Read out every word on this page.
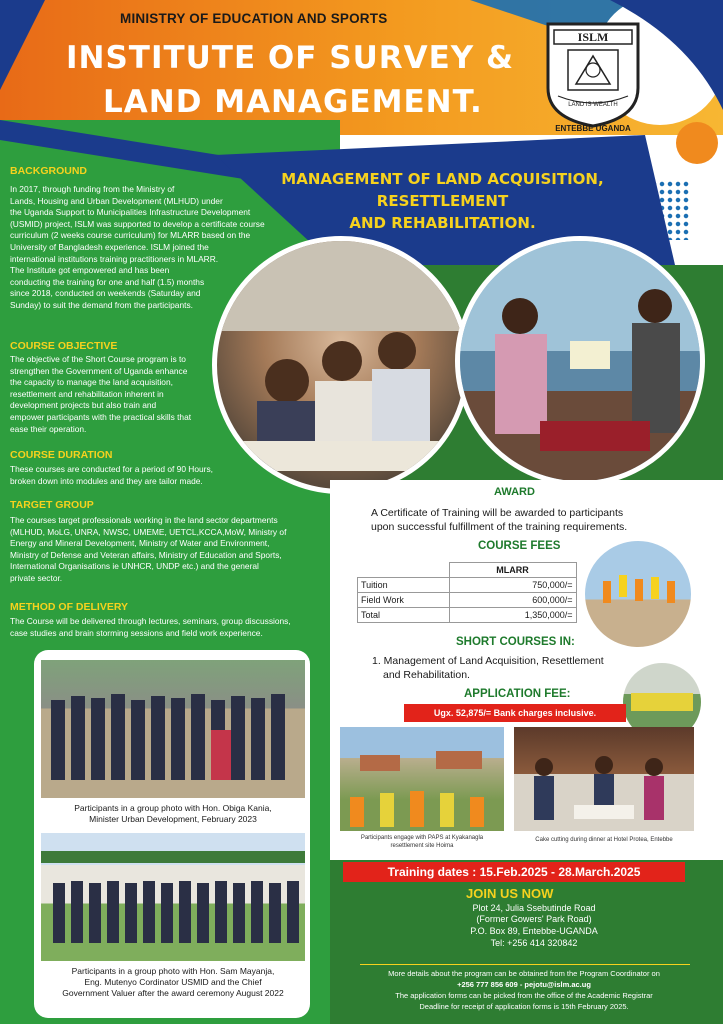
MINISTRY OF EDUCATION AND SPORTS
INSTITUTE OF SURVEY &
LAND MANAGEMENT.
ISLM
LAND IS WEALTH
ENTEBBE UGANDA
MANAGEMENT OF LAND ACQUISITION, RESETTLEMENT
AND REHABILITATION.
BACKGROUND
In 2017, through funding from the Ministry of
Lands, Housing and Urban Development (MLHUD) under
the Uganda Support to Municipalities Infrastructure Development
(USMID) project, ISLM was supported to develop a certificate course
curriculum (2 weeks course curriculum) for MLARR based on the
University of Bangladesh experience. ISLM joined the
international institutions training practitioners in MLARR.
The Institute got empowered and has been
conducting the training for one and half (1.5) months
since 2018, conducted on weekends (Saturday and
Sunday) to suit the demand from the participants.
COURSE OBJECTIVE
The objective of the Short Course program is to
strengthen the Government of Uganda enhance
the capacity to manage the land acquisition,
resettlement and rehabilitation inherent in
development projects but also train and
empower participants with the practical skills that
ease their operation.
COURSE DURATION
These courses are conducted for a period of 90 Hours,
broken down into modules and they are tailor made.
TARGET GROUP
The courses target professionals working in the land sector departments
(MLHUD, MoLG, UNRA, NWSC, UMEME, UETCL,KCCA,MoW, Ministry of
Energy and Mineral Development, Ministry of Water and Environment,
Ministry of Defense and Veteran affairs, Ministry of Education and Sports,
International Organisations ie UNHCR, UNDP etc.) and the general
private sector.
METHOD OF DELIVERY
The Course will be delivered through lectures, seminars, group discussions,
case studies and brain storming sessions and field work experience.
AWARD
A Certificate of Training will be awarded to participants
upon successful fulfillment of the training requirements.
COURSE FEES
	MLARR
Tuition	750,000/=
Field Work	600,000/=
Total	1,350,000/=
SHORT COURSES IN:
1. Management of Land Acquisition, Resettlement
and Rehabilitation.
APPLICATION FEE:
Ugx. 52,875/= Bank charges inclusive.
Participants engage with PAPS at Kyakanagla
resettlement site Hoima
Cake cutting during dinner at Hotel Protea, Entebbe
Participants in a group photo with Hon. Obiga Kania,
Minister Urban Development, February 2023
Participants in a group photo with Hon. Sam Mayanja,
Eng. Mutenyo Cordinator USMID and the Chief
Government Valuer after the award ceremony August 2022
Training dates : 15.Feb.2025 - 28.March.2025
JOIN US NOW
Plot 24, Julia Ssebutinde Road
(Former Gowers' Park Road)
P.O. Box 89, Entebbe-UGANDA
Tel: +256 414 320842
More details about the program can be obtained from the Program Coordinator on
+256 777 856 609 - pejotu@islm.ac.ug
The application forms can be picked from the office of the Academic Registrar
Deadline for receipt of application forms is 15th February 2025.
